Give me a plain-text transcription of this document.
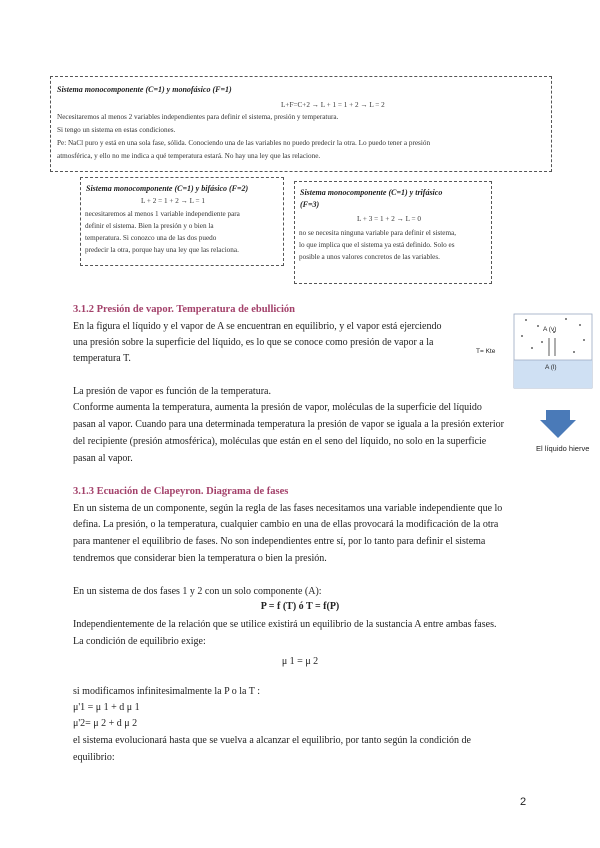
Sistema monocomponente (C=1) y monofásico (F=1)
L+F=C+2 → L + 1 = 1 + 2 → L = 2
Necesitaremos al menos 2 variables independientes para definir el sistema, presión y temperatura.
Si tengo un sistema en estas condiciones.
Pe: NaCl puro y está en una sola fase, sólida. Conociendo una de las variables no puedo predecir la otra. Lo puedo tener a presión
atmosférica, y ello no me indica a qué temperatura estará. No hay una ley que las relacione.
Sistema monocomponente (C=1) y bifásico (F=2)
L + 2 = 1 + 2 → L = 1
necesitaremos al menos 1 variable independiente para
definir el sistema. Bien la presión y o bien la
temperatura. Si conozco una de las dos puedo
predecir la otra, porque hay una ley que las relaciona.
Sistema monocomponente (C=1) y trifásico
(F=3)
L + 3 = 1 + 2 → L = 0
no se necesita ninguna variable para definir el sistema,
lo que implica que el sistema ya está definido. Solo es
posible a unos valores concretos de las variables.
3.1.2 Presión de vapor. Temperatura de ebullición
En la figura el líquido y el vapor de A se encuentran en equilibrio, y el vapor está ejerciendo
una presión sobre la superficie del líquido, es lo que se conoce como presión de vapor a la
temperatura T.
La presión de vapor es función de la temperatura.
Conforme aumenta la temperatura, aumenta la presión de vapor, moléculas de la superficie del líquido
pasan al vapor. Cuando para una determinada temperatura la presión de vapor se iguala a la presión exterior
del recipiente (presión atmosférica), moléculas que están en el seno del líquido, no solo en la superficie
pasan al vapor.
T= Kte
A (v)
A (l)
El líquido hierve
3.1.3 Ecuación de Clapeyron. Diagrama de fases
En un sistema de un componente, según la regla de las fases necesitamos una variable independiente que lo
defina. La presión, o la temperatura, cualquier cambio en una de ellas provocará la modificación de la otra
para mantener el equilibrio de fases. No son independientes entre sí, por lo tanto para definir el sistema
tendremos que considerar bien la temperatura o bien la presión.
En un sistema de dos fases 1 y 2 con un solo componente (A):
P = f (T) ó T = f(P)
Independientemente de la relación que se utilice existirá un equilibrio de la sustancia A entre ambas fases.
La condición de equilibrio exige:
μ 1 = μ 2
si modificamos infinitesimalmente la P o la T :
μ'1 = μ 1 + d μ 1
μ'2= μ 2 + d μ 2
el sistema evolucionará hasta que se vuelva a alcanzar el equilibrio, por tanto según la condición de
equilibrio:
2
